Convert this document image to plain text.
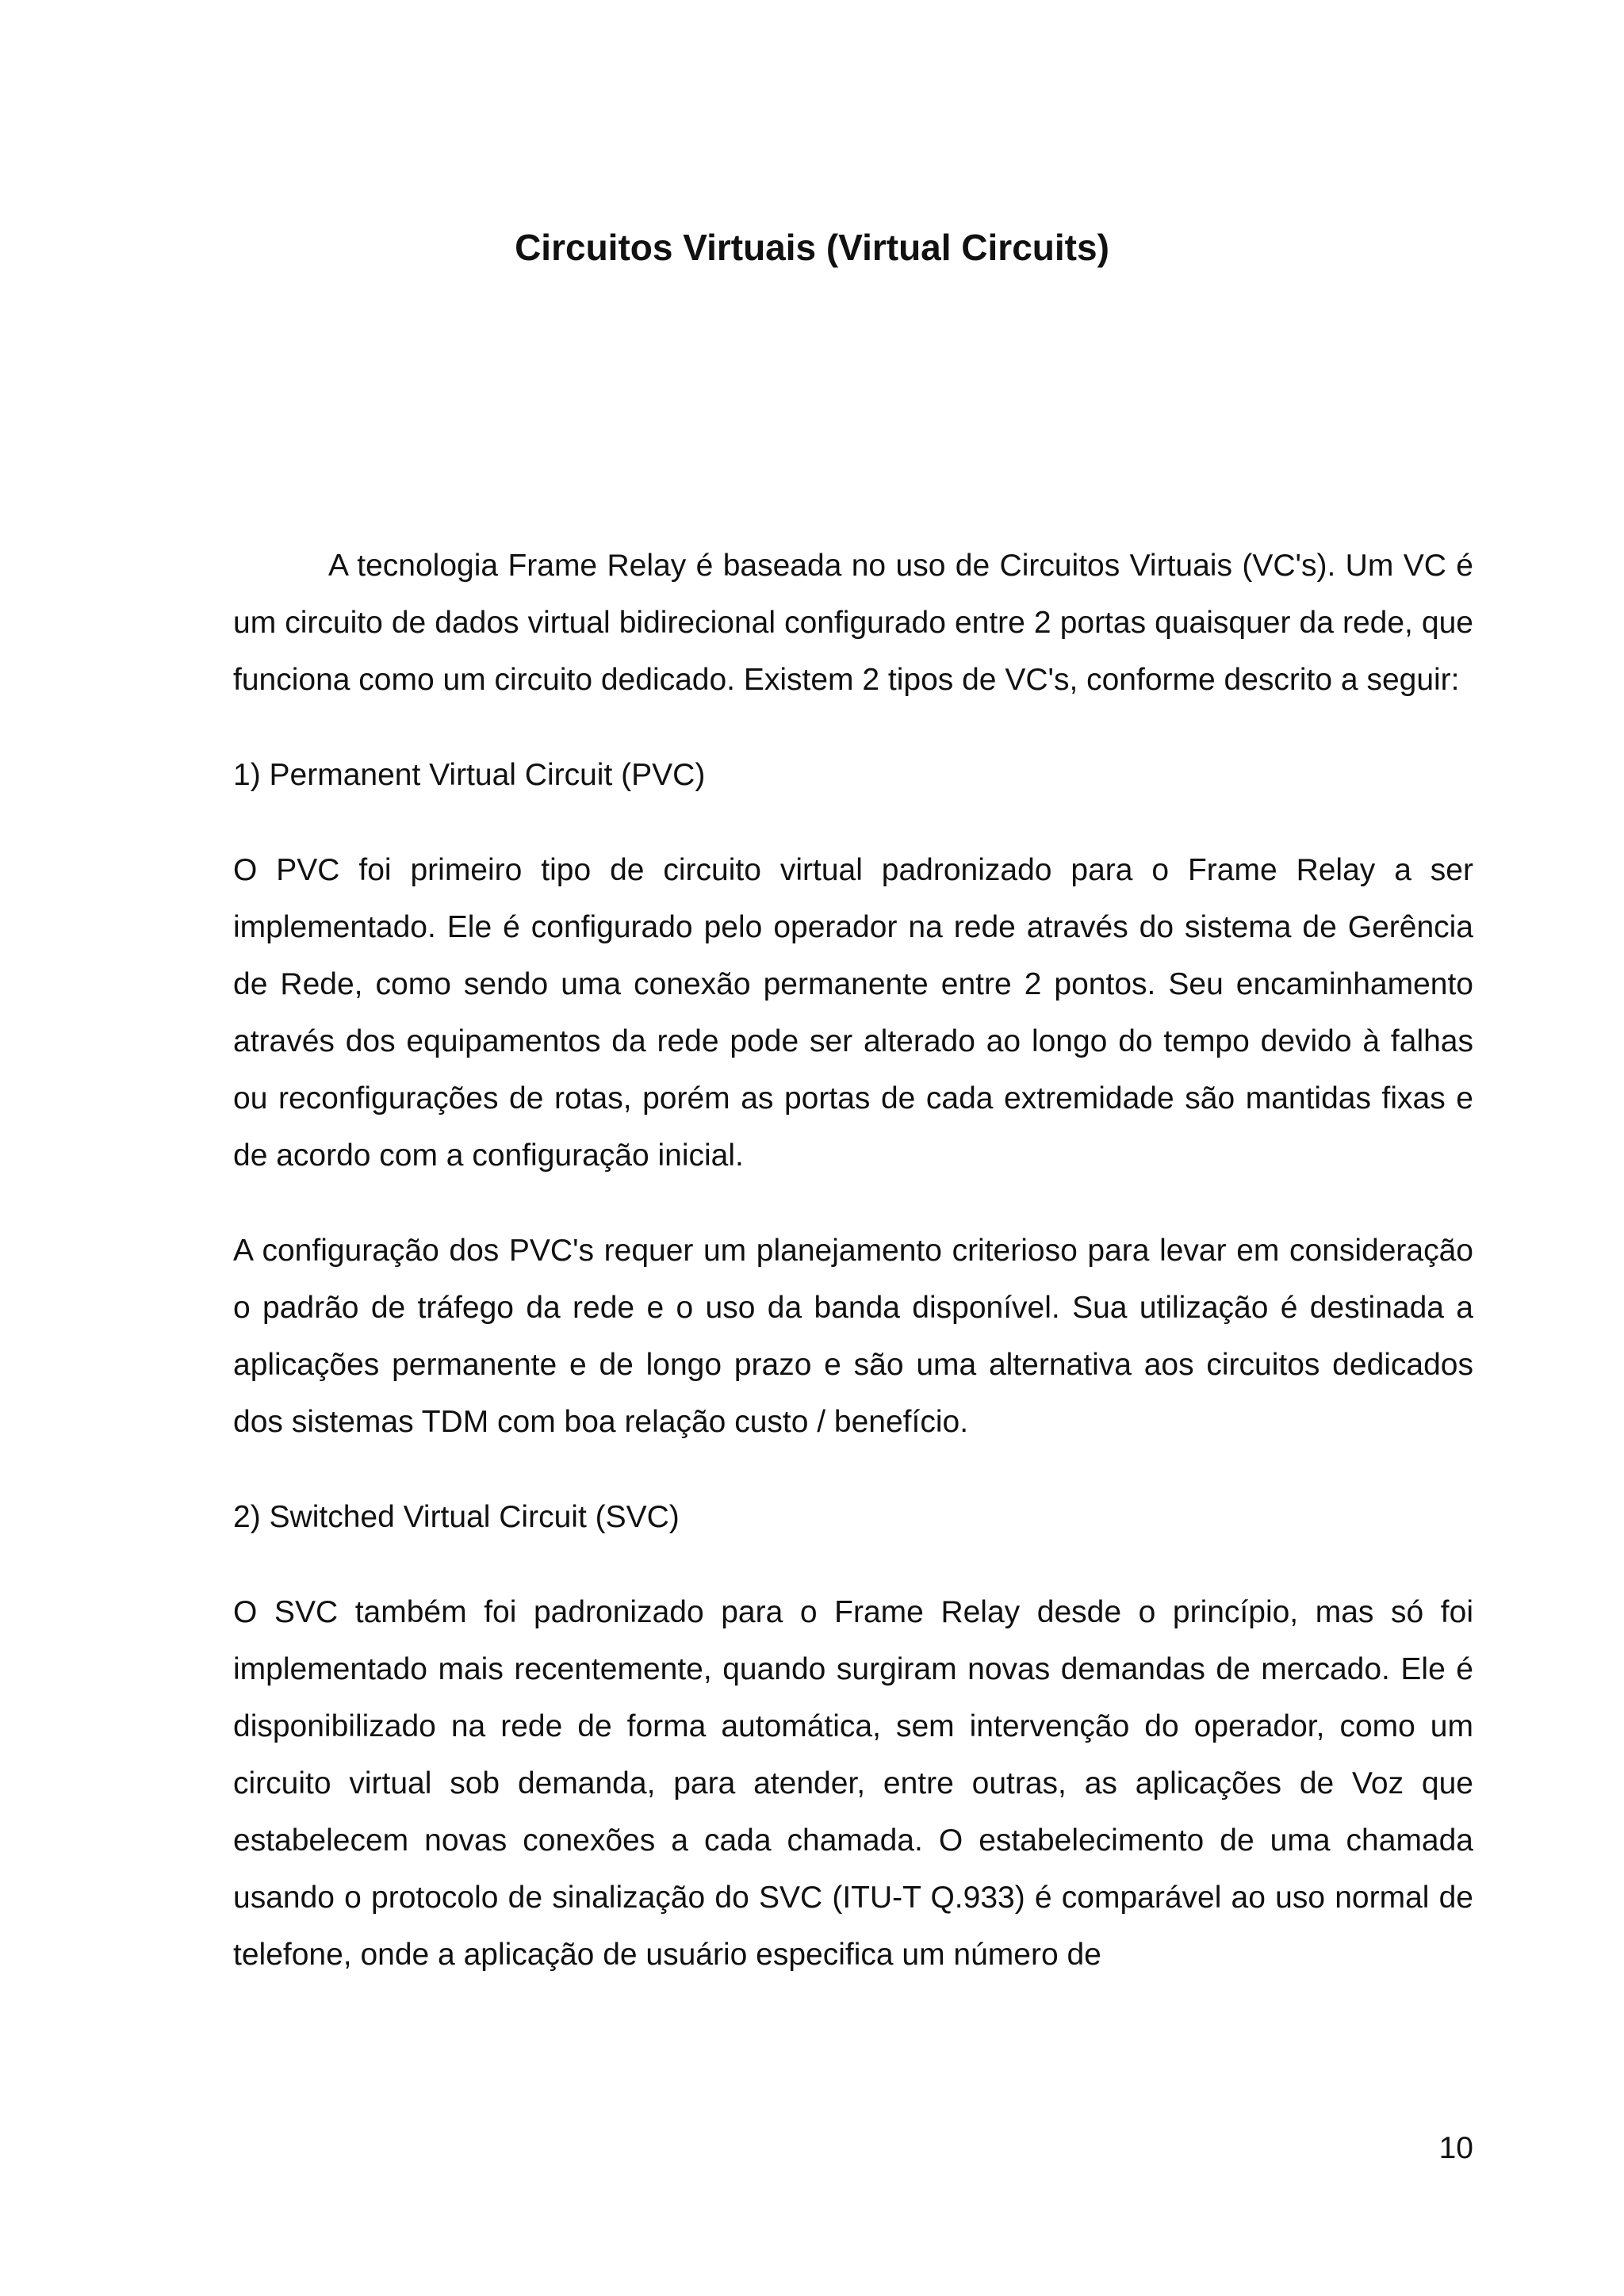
Circuitos Virtuais (Virtual Circuits)

A tecnologia Frame Relay é baseada no uso de Circuitos Virtuais (VC's). Um VC é um circuito de dados virtual bidirecional configurado entre 2 portas quaisquer da rede, que funciona como um circuito dedicado. Existem 2 tipos de VC's, conforme descrito a seguir:

1) Permanent Virtual Circuit (PVC)

O PVC foi primeiro tipo de circuito virtual padronizado para o Frame Relay a ser implementado. Ele é configurado pelo operador na rede através do sistema de Gerência de Rede, como sendo uma conexão permanente entre 2 pontos. Seu encaminhamento através dos equipamentos da rede pode ser alterado ao longo do tempo devido à falhas ou reconfigurações de rotas, porém as portas de cada extremidade são mantidas fixas e de acordo com a configuração inicial.

A configuração dos PVC's requer um planejamento criterioso para levar em consideração o padrão de tráfego da rede e o uso da banda disponível. Sua utilização é destinada a aplicações permanente e de longo prazo e são uma alternativa aos circuitos dedicados dos sistemas TDM com boa relação custo / benefício.

2) Switched Virtual Circuit (SVC)

O SVC também foi padronizado para o Frame Relay desde o princípio, mas só foi implementado mais recentemente, quando surgiram novas demandas de mercado. Ele é disponibilizado na rede de forma automática, sem intervenção do operador, como um circuito virtual sob demanda, para atender, entre outras, as aplicações de Voz que estabelecem novas conexões a cada chamada. O estabelecimento de uma chamada usando o protocolo de sinalização do SVC (ITU-T Q.933) é comparável ao uso normal de telefone, onde a aplicação de usuário especifica um número de

10
